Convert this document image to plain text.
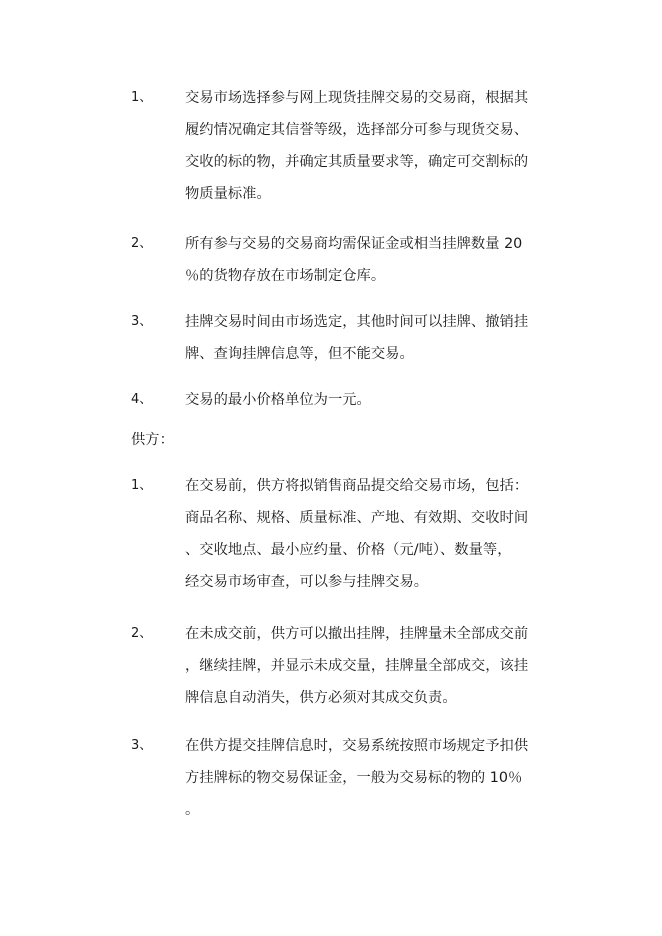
1、 交易市场选择参与网上现货挂牌交易的交易商，根据其
履约情况确定其信誉等级，选择部分可参与现货交易、
交收的标的物，并确定其质量要求等，确定可交割标的
物质量标准。
2、 所有参与交易的交易商均需保证金或相当挂牌数量 20
％的货物存放在市场制定仓库。
3、 挂牌交易时间由市场选定，其他时间可以挂牌、撤销挂
牌、查询挂牌信息等，但不能交易。
4、 交易的最小价格单位为一元。
供方：
1、 在交易前，供方将拟销售商品提交给交易市场，包括：
商品名称、规格、质量标准、产地、有效期、交收时间
、交收地点、最小应约量、价格（元/吨）、数量等，
经交易市场审查，可以参与挂牌交易。
2、 在未成交前，供方可以撤出挂牌，挂牌量未全部成交前
，继续挂牌，并显示未成交量，挂牌量全部成交，该挂
牌信息自动消失，供方必须对其成交负责。
3、 在供方提交挂牌信息时，交易系统按照市场规定予扣供
方挂牌标的物交易保证金，一般为交易标的物的 10％
。
